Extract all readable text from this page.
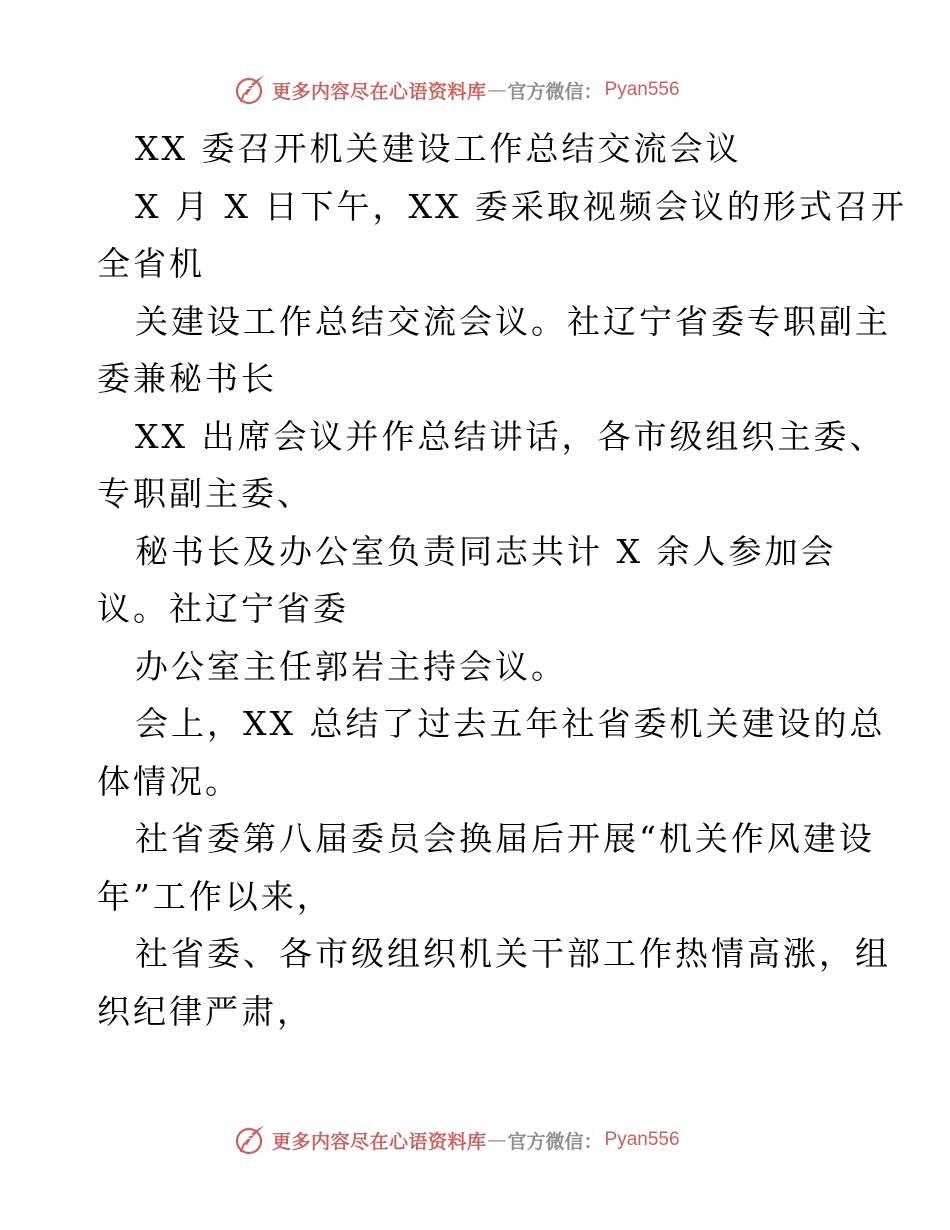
更多内容尽在心语资料库 — 官方微信： Pyan556
XX 委召开机关建设工作总结交流会议
X 月 X 日下午，XX 委采取视频会议的形式召开
全省机
关建设工作总结交流会议。社辽宁省委专职副主
委兼秘书长
XX 出席会议并作总结讲话，各市级组织主委、
专职副主委、
秘书长及办公室负责同志共计 X 余人参加会
议。社辽宁省委
办公室主任郭岩主持会议。
会上，XX 总结了过去五年社省委机关建设的总
体情况。
社省委第八届委员会换届后开展“机关作风建设
年”工作以来，
社省委、各市级组织机关干部工作热情高涨，组
织纪律严肃，
更多内容尽在心语资料库 — 官方微信： Pyan556
